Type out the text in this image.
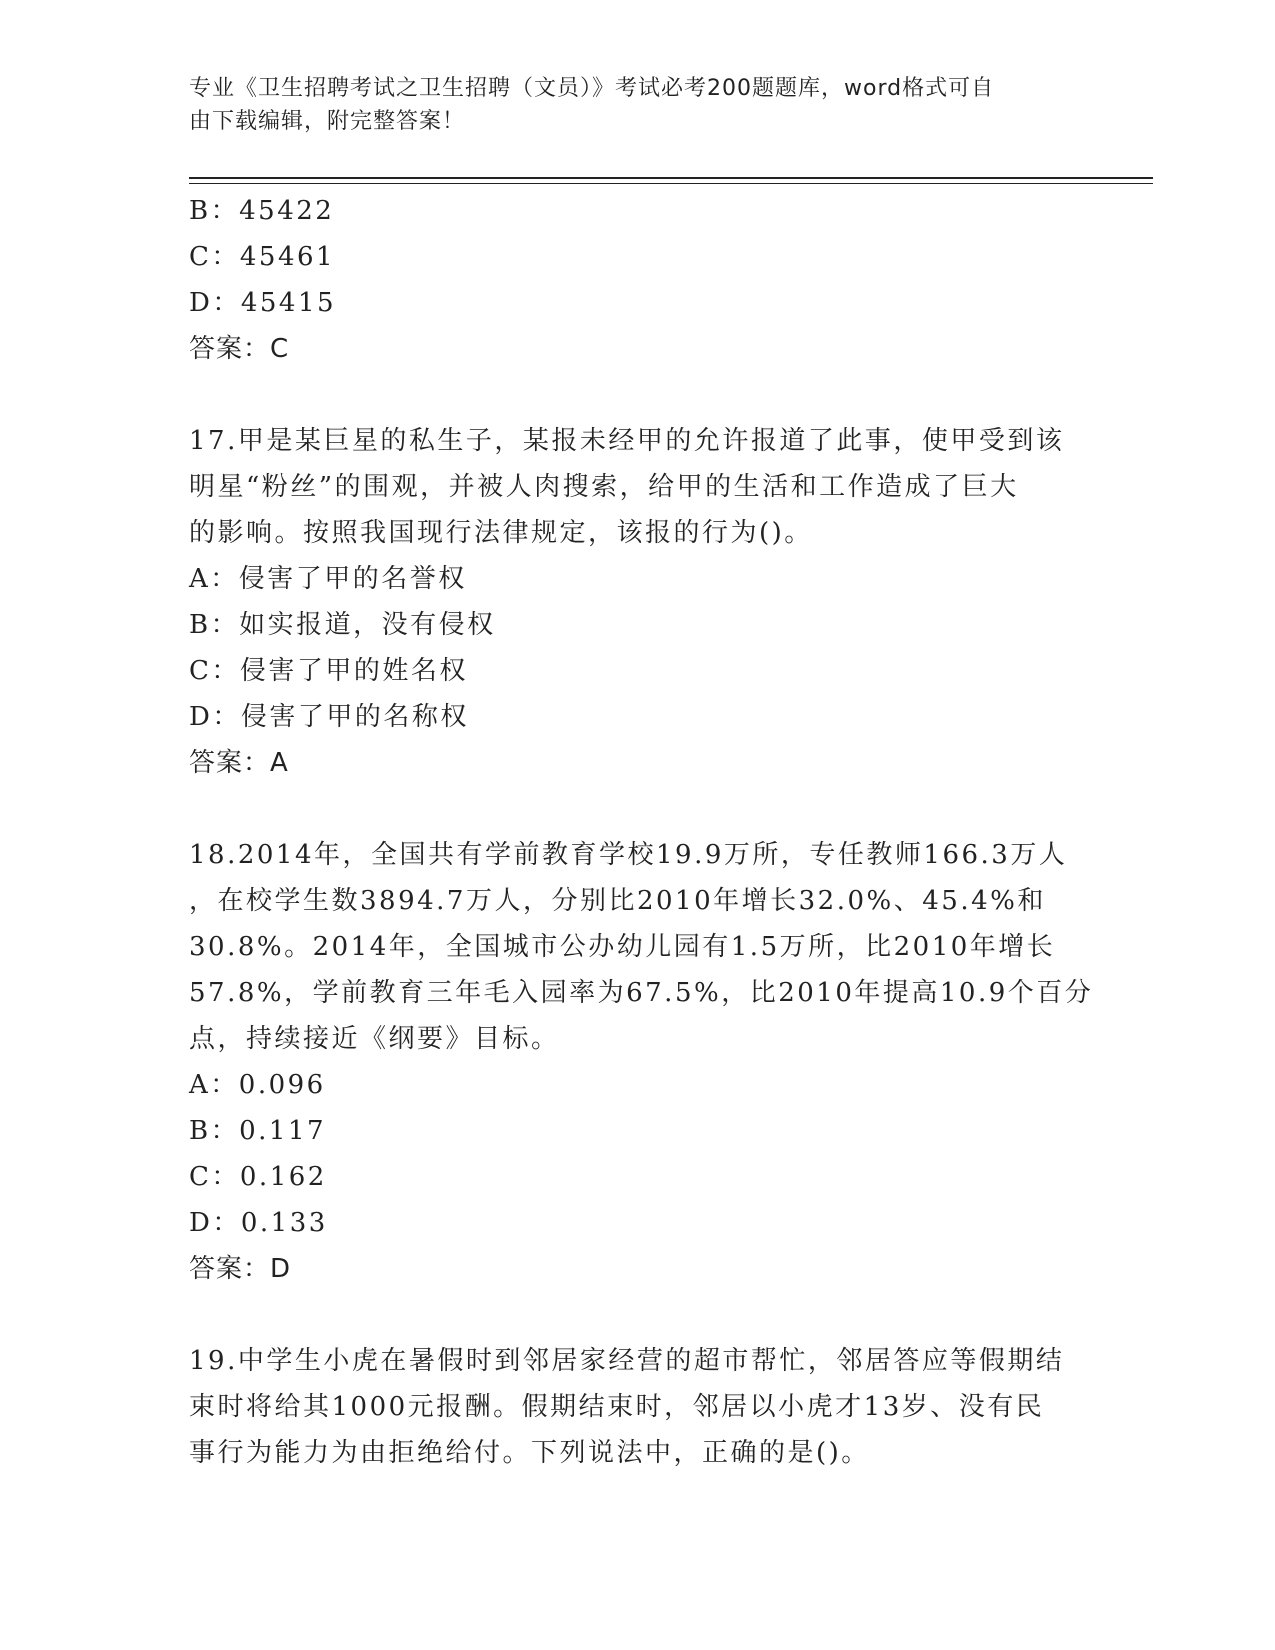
专业《卫生招聘考试之卫生招聘（文员）》考试必考200题题库，word格式可自
由下载编辑，附完整答案！
B：45422
C：45461
D：45415
答案：C
17.甲是某巨星的私生子，某报未经甲的允许报道了此事，使甲受到该
明星“粉丝”的围观，并被人肉搜索，给甲的生活和工作造成了巨大
的影响。按照我国现行法律规定，该报的行为()。
A：侵害了甲的名誉权
B：如实报道，没有侵权
C：侵害了甲的姓名权
D：侵害了甲的名称权
答案：A
18.2014年，全国共有学前教育学校19.9万所，专任教师166.3万人
，在校学生数3894.7万人，分别比2010年增长32.0%、45.4%和
30.8%。2014年，全国城市公办幼儿园有1.5万所，比2010年增长
57.8%，学前教育三年毛入园率为67.5%，比2010年提高10.9个百分
点，持续接近《纲要》目标。
A：0.096
B：0.117
C：0.162
D：0.133
答案：D
19.中学生小虎在暑假时到邻居家经营的超市帮忙，邻居答应等假期结
束时将给其1000元报酬。假期结束时，邻居以小虎才13岁、没有民
事行为能力为由拒绝给付。下列说法中，正确的是()。
